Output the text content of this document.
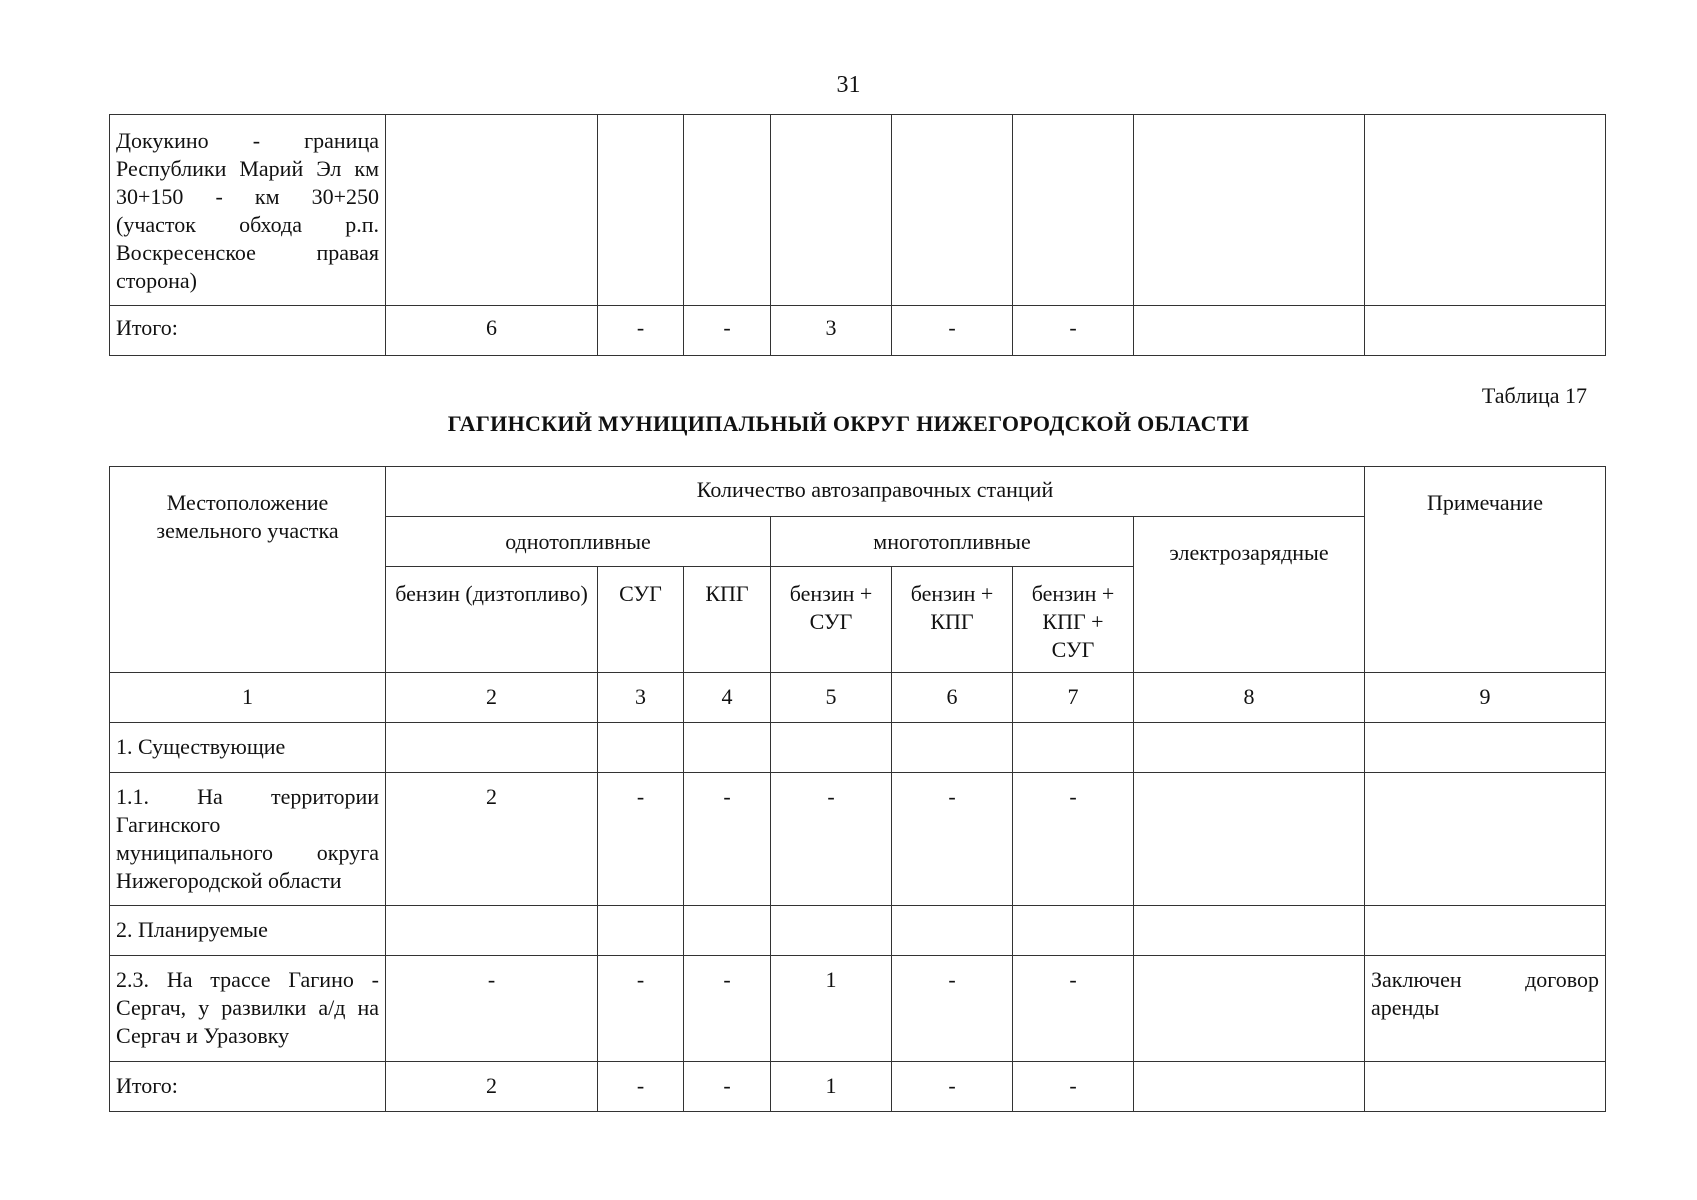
31
Докукино - граница Республики Марий Эл км 30+150 - км 30+250 (участок обхода р.п. Воскресенское правая сторона)								
Итого:	6	-	-	3	-	-		
Таблица 17
ГАГИНСКИЙ МУНИЦИПАЛЬНЫЙ ОКРУГ НИЖЕГОРОДСКОЙ ОБЛАСТИ
Местоположение земельного участка	Количество автозаправочных станций							Примечание
	однотопливные			многотопливные			электрозарядные	
	бензин (дизтопливо)	СУГ	КПГ	бензин + СУГ	бензин + КПГ	бензин + КПГ + СУГ		
1	2	3	4	5	6	7	8	9
1. Существующие								
1.1. На территории Гагинского муниципального округа Нижегородской области	2	-	-	-	-	-		
2. Планируемые								
2.3. На трассе Гагино - Сергач, у развилки а/д на Сергач и Уразовку	-	-	-	1	-	-		Заключен договор аренды
Итого:	2	-	-	1	-	-		
